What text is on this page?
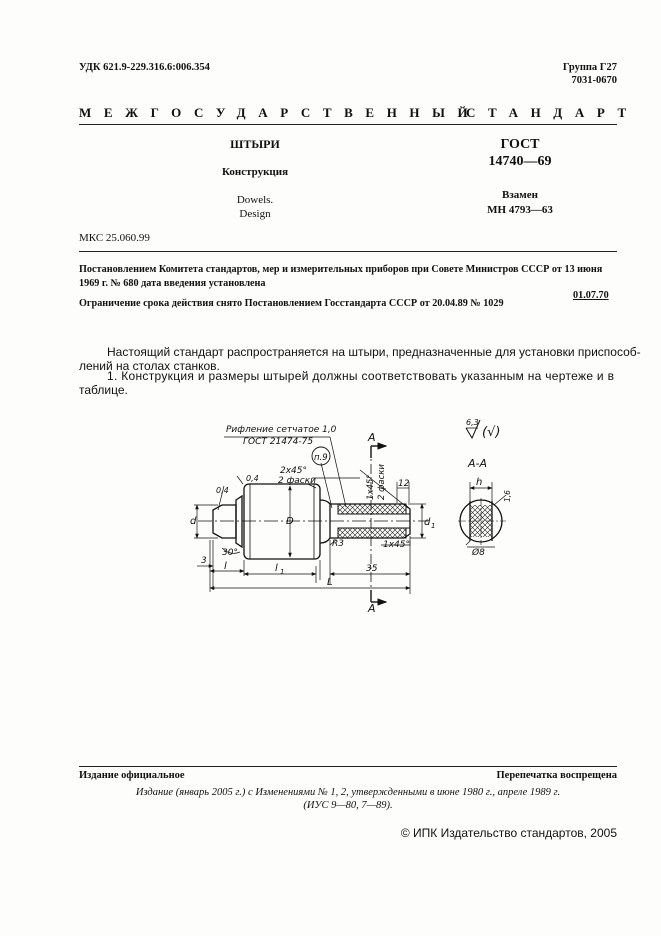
УДК 621.9-229.316.6:006.354	Группа Г27
7031-0670
МЕЖГОСУДАРСТВЕННЫЙ
СТАНДАРТ
ШТЫРИ
Конструкция
Dowels.
Design
ГОСТ
14740—69
Взамен
МН 4793—63
МКС 25.060.99
Постановлением Комитета стандартов, мер и измерительных приборов при Совете Министров СССР от 13 июня
1969 г. № 680 дата введения установлена
01.07.70
Ограничение срока действия снято Постановлением Госстандарта СССР от 20.04.89 № 1029
Настоящий стандарт распространяется на штыри, предназначенные для установки приспособ-
лений на столах станков.
1. Конструкция и размеры штырей должны соответствовать указанным на чертеже и в
таблице.
Рифление сетчатое 1,0
ГОСТ 21474-75
6,3
(√)
А-А
А
А
п.9
2х45°
2 фаски	1х45° 2 фаски
1х45°
0,4
0,4
12
d	D	d 1
R3
3
30°
l	l 1	35
L
h
1,6
Ø8
Издание официальное	Перепечатка воспрещена
Издание (январь 2005 г.) с Изменениями № 1, 2, утвержденными в июне 1980 г., апреле 1989 г.
(ИУС 9—80, 7—89).
© ИПК Издательство стандартов, 2005
